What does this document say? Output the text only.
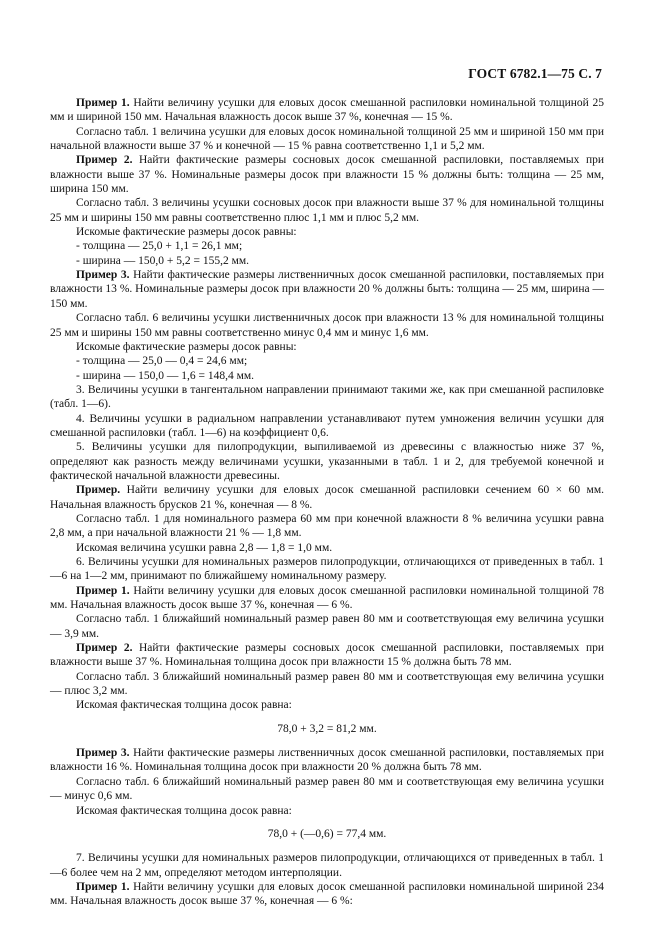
ГОСТ 6782.1—75 С. 7

Пример 1. Найти величину усушки для еловых досок смешанной распиловки номинальной толщиной 25 мм и шириной 150 мм. Начальная влажность досок выше 37 %, конечная — 15 %.

Согласно табл. 1 величина усушки для еловых досок номинальной толщиной 25 мм и шириной 150 мм при начальной влажности выше 37 % и конечной — 15 % равна соответственно 1,1 и 5,2 мм.

Пример 2. Найти фактические размеры сосновых досок смешанной распиловки, поставляемых при влажности выше 37 %. Номинальные размеры досок при влажности 15 % должны быть: толщина — 25 мм, ширина 150 мм.

Согласно табл. 3 величины усушки сосновых досок при влажности выше 37 % для номинальной толщины 25 мм и ширины 150 мм равны соответственно плюс 1,1 мм и плюс 5,2 мм.

Искомые фактические размеры досок равны:

- толщина — 25,0 + 1,1 = 26,1 мм;

- ширина — 150,0 + 5,2 = 155,2 мм.

Пример 3. Найти фактические размеры лиственничных досок смешанной распиловки, поставляемых при влажности 13 %. Номинальные размеры досок при влажности 20 % должны быть: толщина — 25 мм, ширина — 150 мм.

Согласно табл. 6 величины усушки лиственничных досок при влажности 13 % для номинальной толщины 25 мм и ширины 150 мм равны соответственно минус 0,4 мм и минус 1,6 мм.

Искомые фактические размеры досок равны:

- толщина — 25,0 — 0,4 = 24,6 мм;

- ширина — 150,0 — 1,6 = 148,4 мм.

3. Величины усушки в тангентальном направлении принимают такими же, как при смешанной распиловке (табл. 1—6).

4. Величины усушки в радиальном направлении устанавливают путем умножения величин усушки для смешанной распиловки (табл. 1—6) на коэффициент 0,6.

5. Величины усушки для пилопродукции, выпиливаемой из древесины с влажностью ниже 37 %, определяют как разность между величинами усушки, указанными в табл. 1 и 2, для требуемой конечной и фактической начальной влажности древесины.

Пример. Найти величину усушки для еловых досок смешанной распиловки сечением 60 × 60 мм. Начальная влажность брусков 21 %, конечная — 8 %.

Согласно табл. 1 для номинального размера 60 мм при конечной влажности 8 % величина усушки равна 2,8 мм, а при начальной влажности 21 % — 1,8 мм.

Искомая величина усушки равна 2,8 — 1,8 = 1,0 мм.

6. Величины усушки для номинальных размеров пилопродукции, отличающихся от приведенных в табл. 1—6 на 1—2 мм, принимают по ближайшему номинальному размеру.

Пример 1. Найти величину усушки для еловых досок смешанной распиловки номинальной толщиной 78 мм. Начальная влажность досок выше 37 %, конечная — 6 %.

Согласно табл. 1 ближайший номинальный размер равен 80 мм и соответствующая ему величина усушки — 3,9 мм.

Пример 2. Найти фактические размеры сосновых досок смешанной распиловки, поставляемых при влажности выше 37 %. Номинальная толщина досок при влажности 15 % должна быть 78 мм.

Согласно табл. 3 ближайший номинальный размер равен 80 мм и соответствующая ему величина усушки — плюс 3,2 мм.

Искомая фактическая толщина досок равна:

78,0 + 3,2 = 81,2 мм.

Пример 3. Найти фактические размеры лиственничных досок смешанной распиловки, поставляемых при влажности 16 %. Номинальная толщина досок при влажности 20 % должна быть 78 мм.

Согласно табл. 6 ближайший номинальный размер равен 80 мм и соответствующая ему величина усушки — минус 0,6 мм.

Искомая фактическая толщина досок равна:

78,0 + (—0,6) = 77,4 мм.

7. Величины усушки для номинальных размеров пилопродукции, отличающихся от приведенных в табл. 1—6 более чем на 2 мм, определяют методом интерполяции.

Пример 1. Найти величину усушки для еловых досок смешанной распиловки номинальной шириной 234 мм. Начальная влажность досок выше 37 %, конечная — 6 %:
